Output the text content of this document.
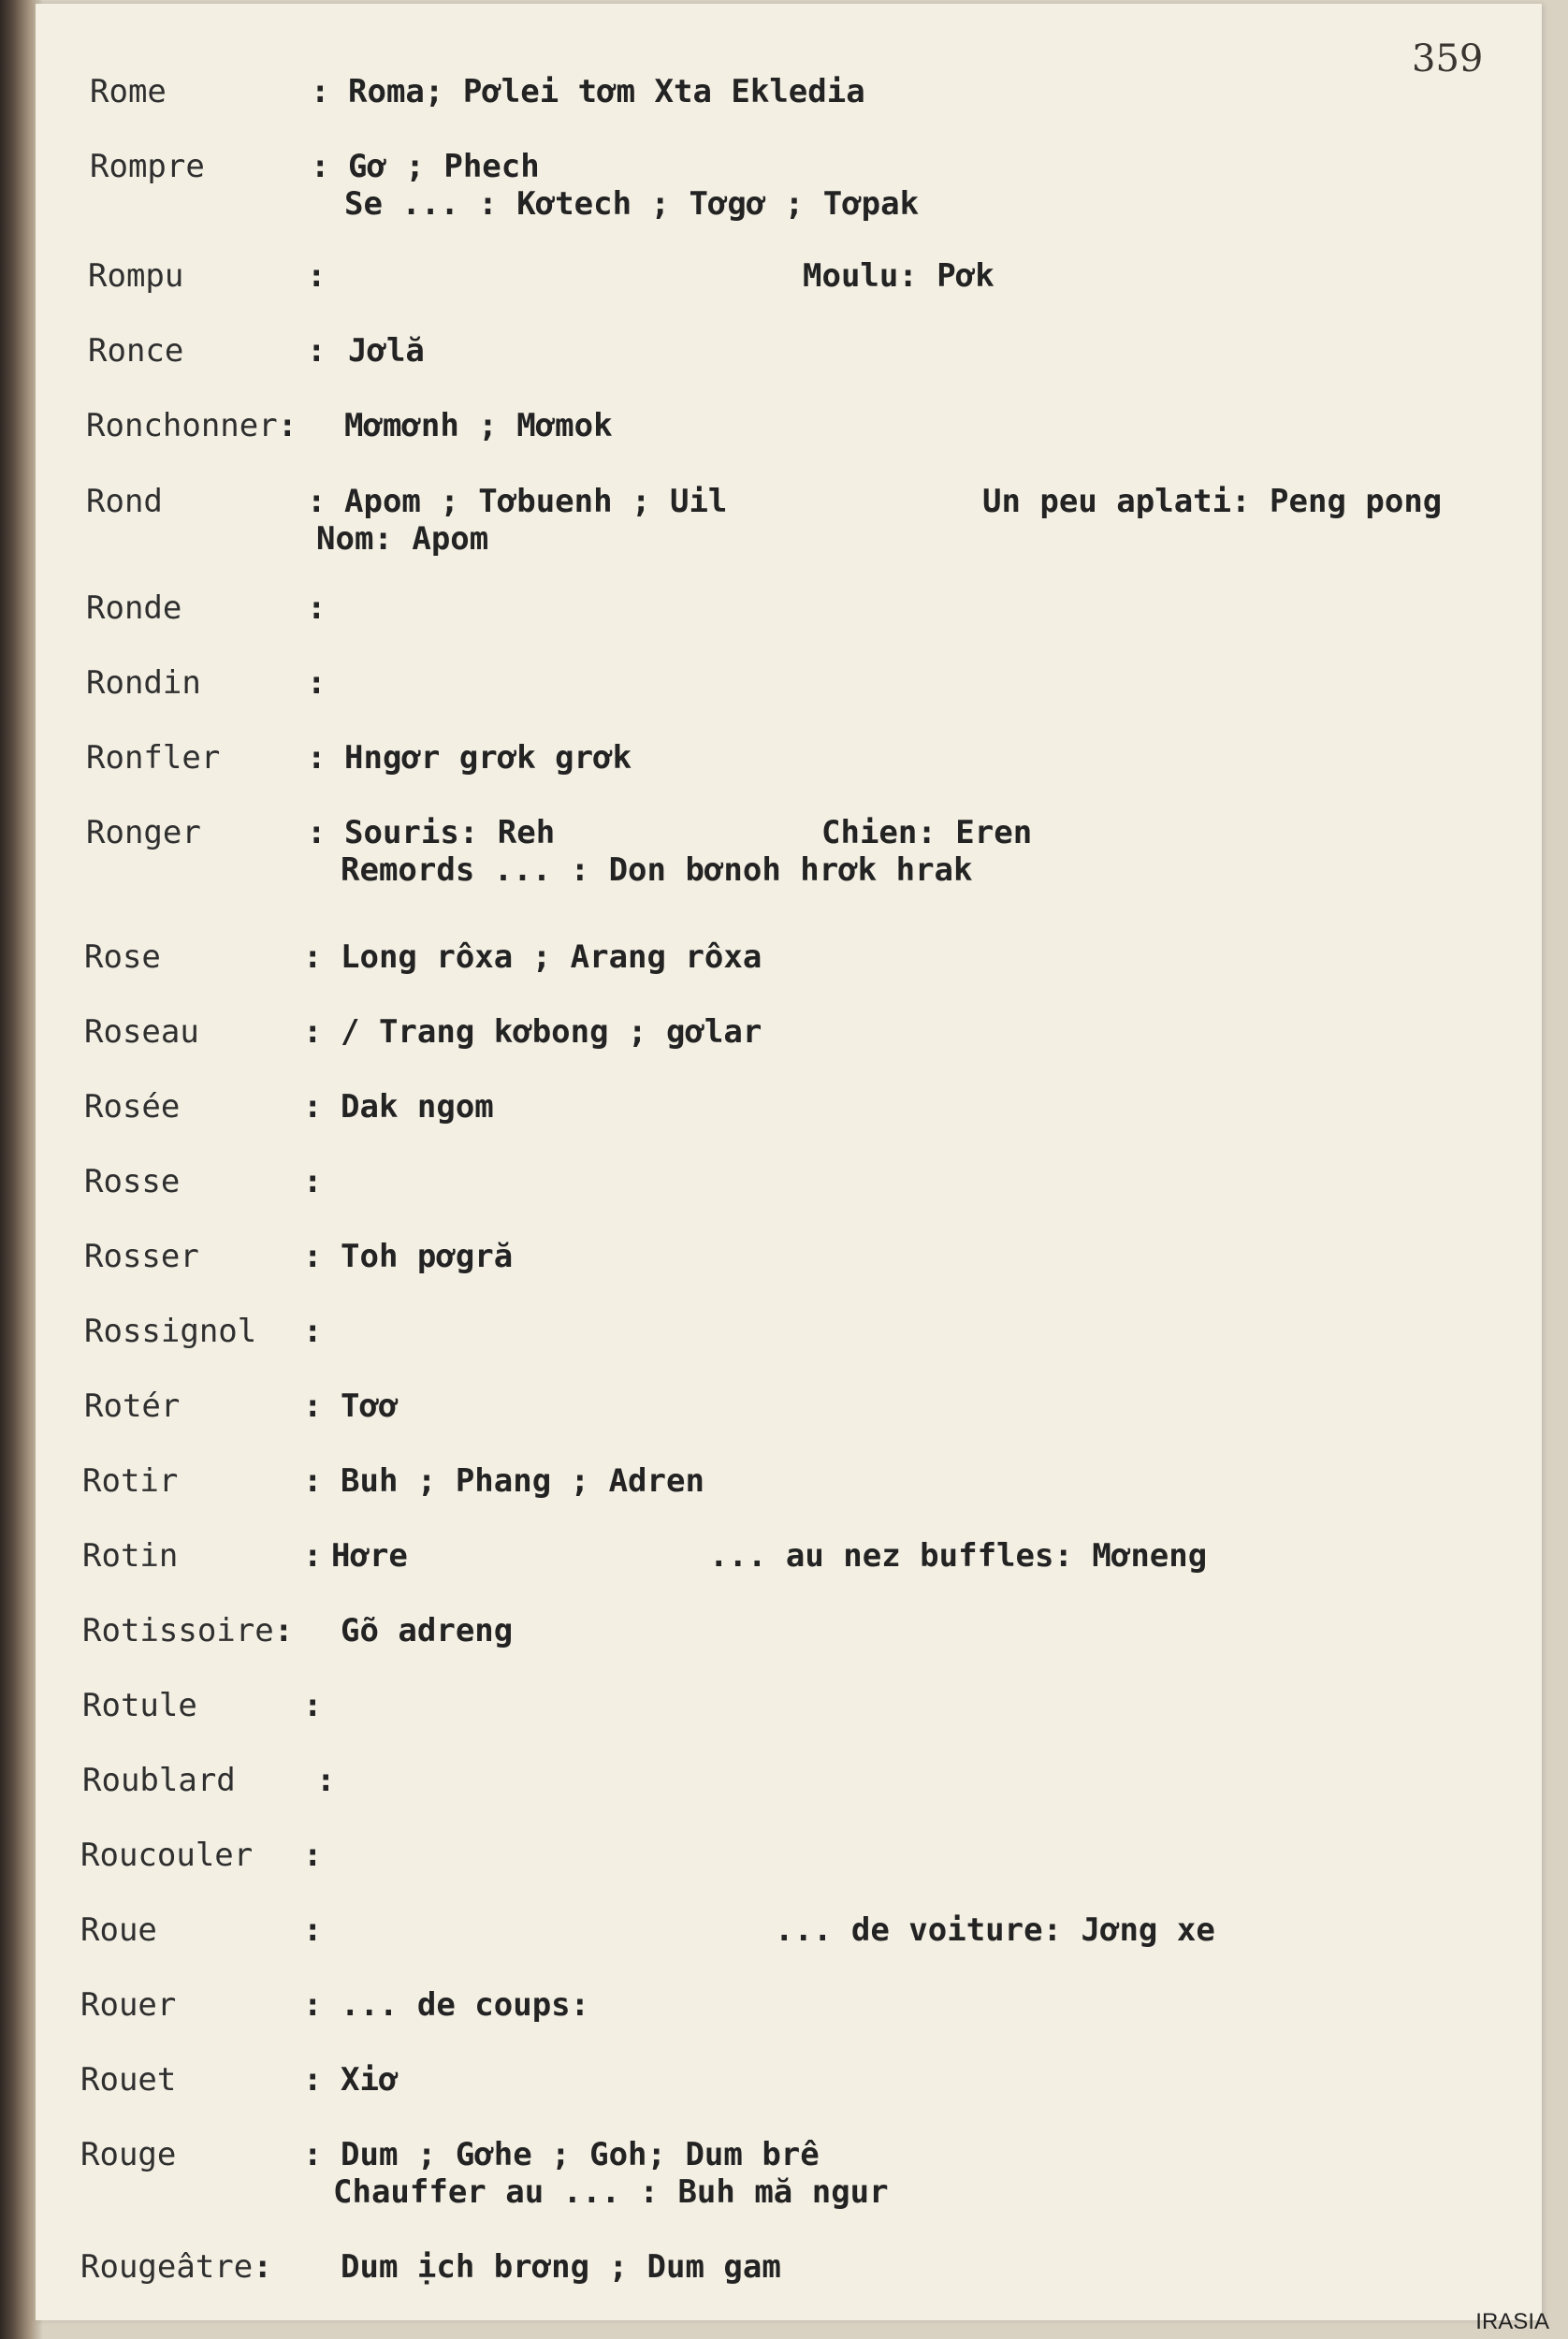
359
Rome	: Roma; Pơlei tơm Xta Ekledia
Rompre	: Gơ ; Phech
Se ... : Kơtech ; Tơgơ ; Tơpak
Rompu	:	Moulu: Pơk
Ronce	: Jơlă
Ronchonner : Mơmơnh ; Mơmok
Rond	: Apom ; Tơbuenh ; Uil	Un peu aplati: Peng pong
Nom: Apom
Ronde	:
Rondin	:
Ronfler	: Hngơr grơk grơk
Ronger	: Souris: Reh	Chien: Eren
Remords ... : Don bơnoh hrơk hrak
Rose	: Long rôxa ; Arang rôxa
Roseau	: / Trang kơbong ; gơlar
Rosée	: Dak ngom
Rosse	:
Rosser	: Toh pơgră
Rossignol :
Rotér	: Tơơ
Rotir	: Buh ; Phang ; Adren
Rotin	: Hơre	... au nez buffles: Mơneng
Rotissoire : Gõ adreng
Rotule	:
Roublard	:
Roucouler :
Roue	:	... de voiture: Jơng xe
Rouer	: ... de coups:
Rouet	: Xiơ
Rouge	: Dum ; Gơhe ; Goh; Dum brê
Chauffer au ... : Buh mă ngur
Rougeâtre : Dum ịch brơng ; Dum gam
IRASIA
